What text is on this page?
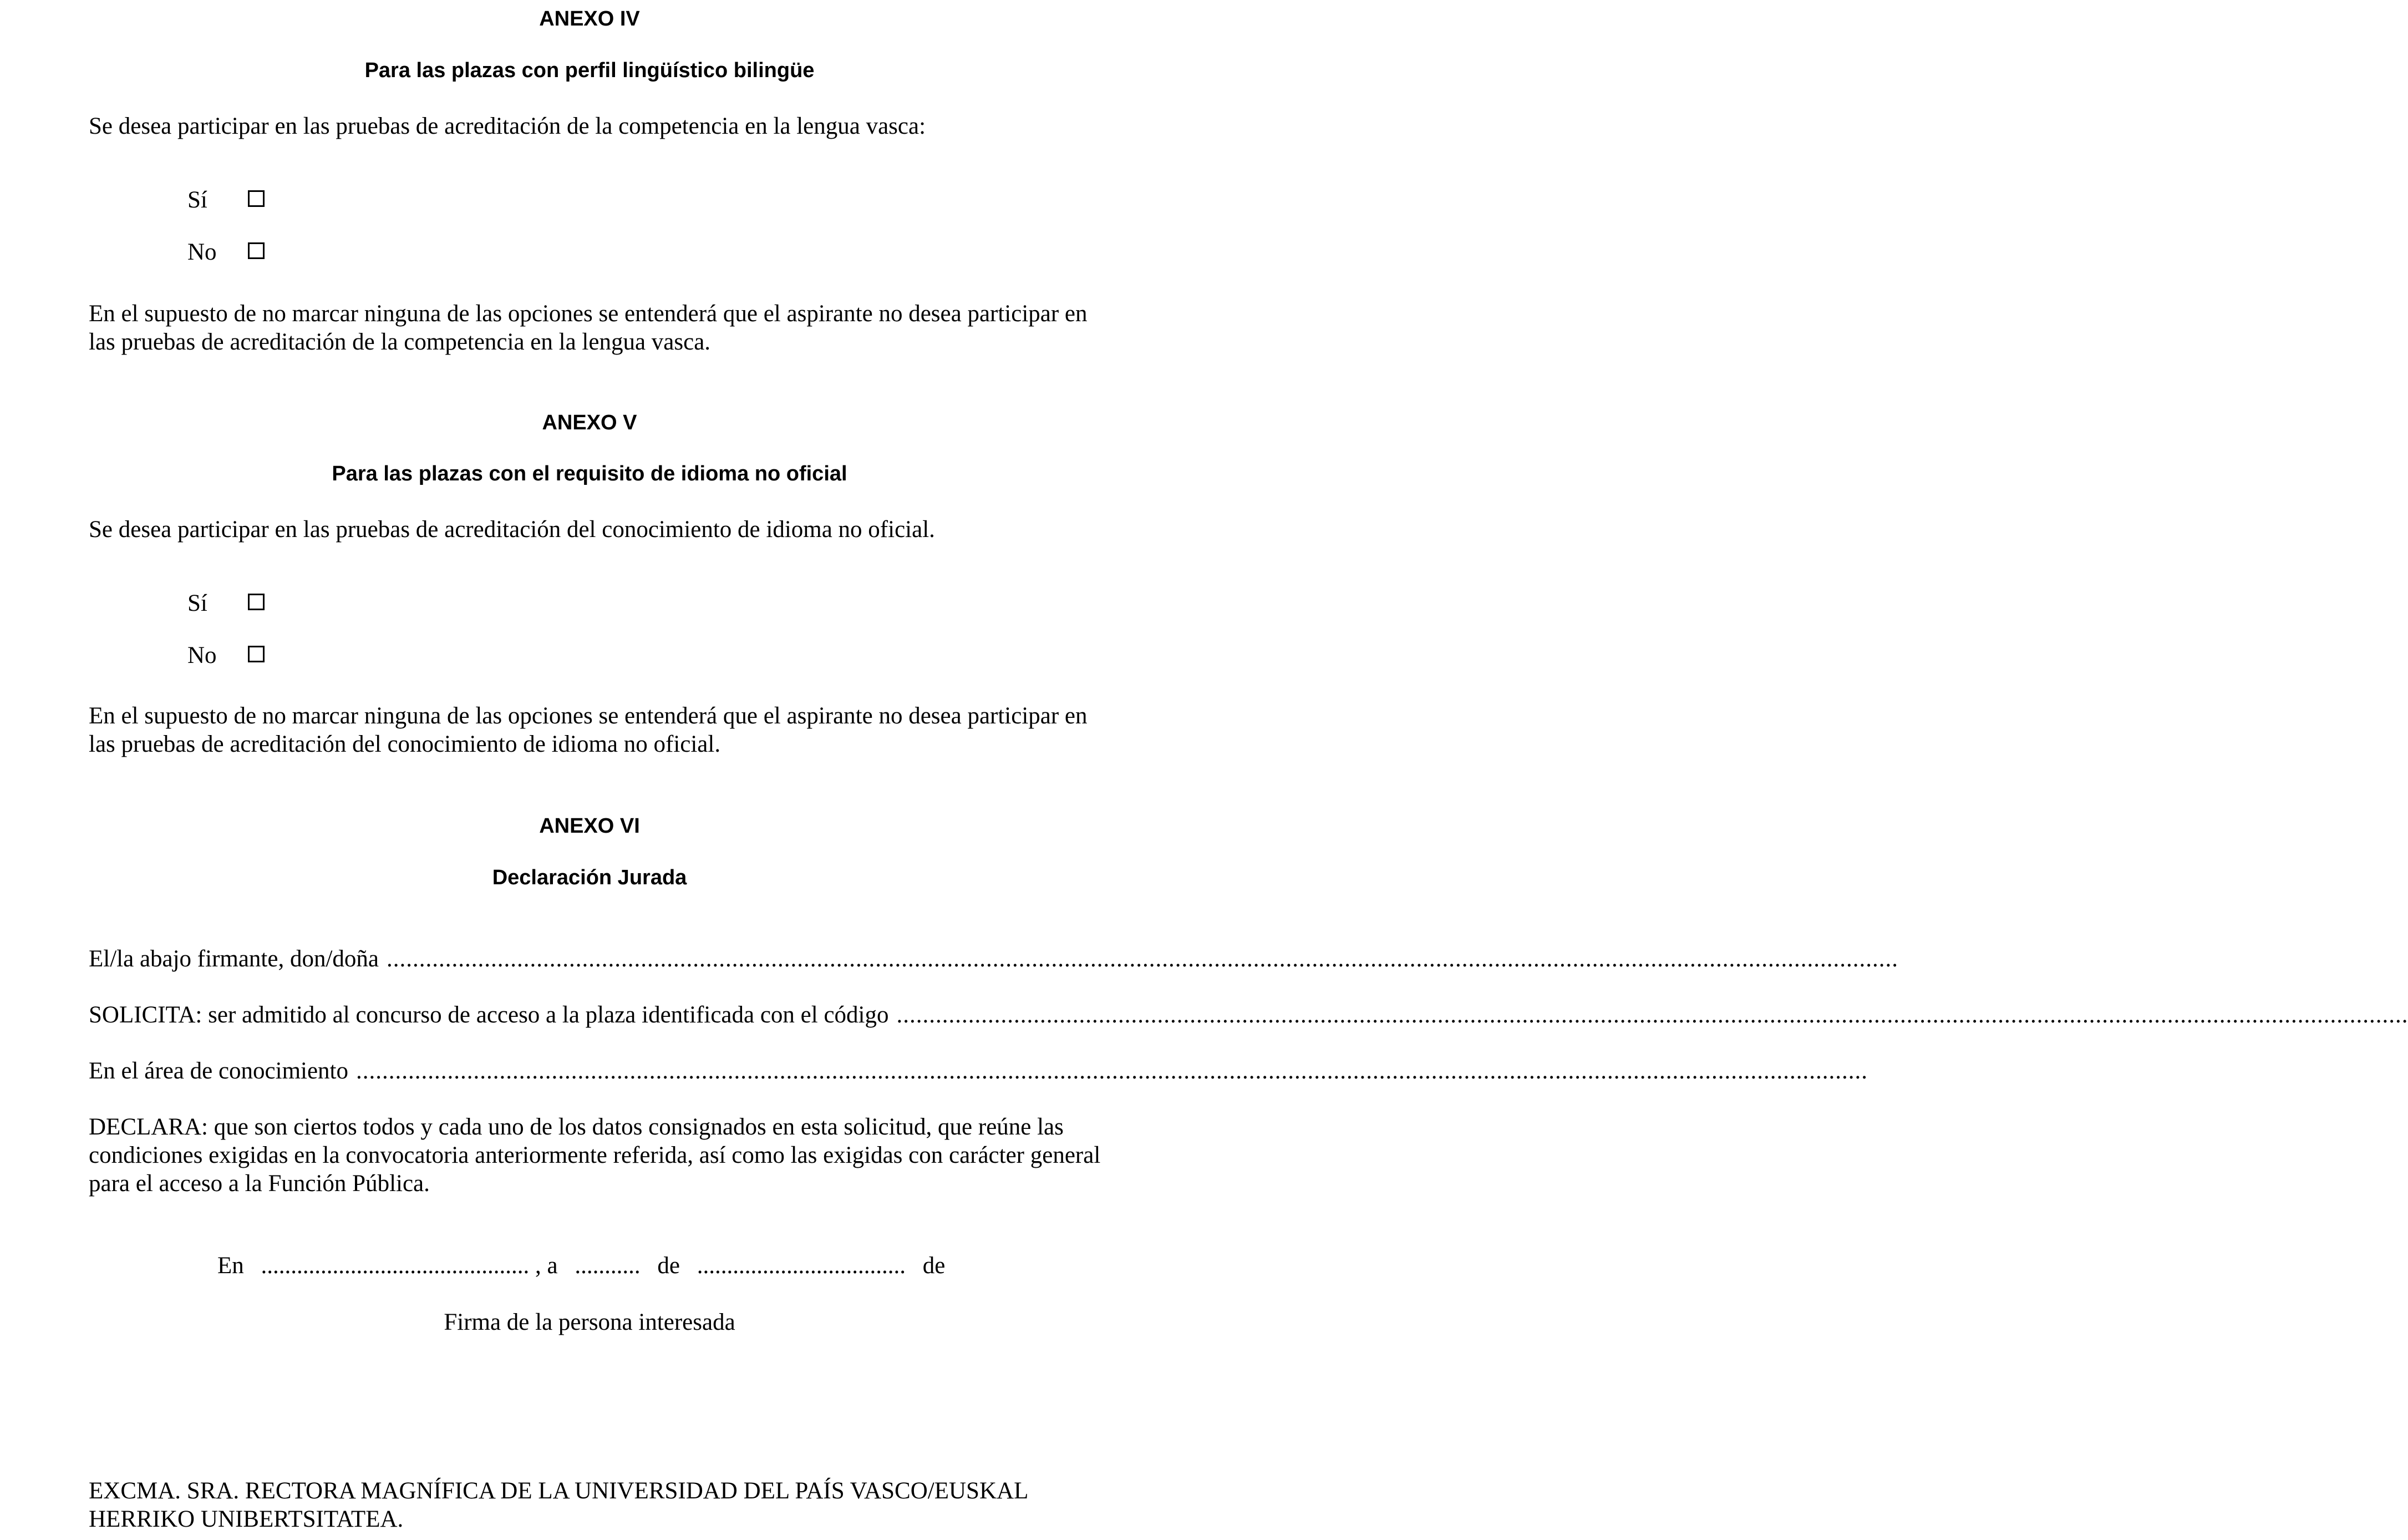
ANEXO IV
Para las plazas con perfil lingüístico bilingüe
Se desea participar en las pruebas de acreditación de la competencia en la lengua vasca:
Sí
No
En el supuesto de no marcar ninguna de las opciones se entenderá que el aspirante no desea participar en las pruebas de acreditación de la competencia en la lengua vasca.
ANEXO V
Para las plazas con el requisito de idioma no oficial
Se desea participar en las pruebas de acreditación del conocimiento de idioma no oficial.
Sí
No
En el supuesto de no marcar ninguna de las opciones se entenderá que el aspirante no desea participar en las pruebas de acreditación del conocimiento de idioma no oficial.
ANEXO VI
Declaración Jurada
El/la abajo firmante, don/doña ........................................................................................................................................................................................................................................
SOLICITA: ser admitido al concurso de acceso a la plaza identificada con el código ........................................................................................................................................................................................................................................
En el área de conocimiento ........................................................................................................................................................................................................................................
DECLARA: que son ciertos todos y cada uno de los datos consignados en esta solicitud, que reúne las condiciones exigidas en la convocatoria anteriormente referida, así como las exigidas con carácter general para el acceso a la Función Pública.
En ............................................. , a ........... de ................................... de
Firma de la persona interesada
EXCMA. SRA. RECTORA MAGNÍFICA DE LA UNIVERSIDAD DEL PAÍS VASCO/EUSKAL
HERRIKO UNIBERTSITATEA.
